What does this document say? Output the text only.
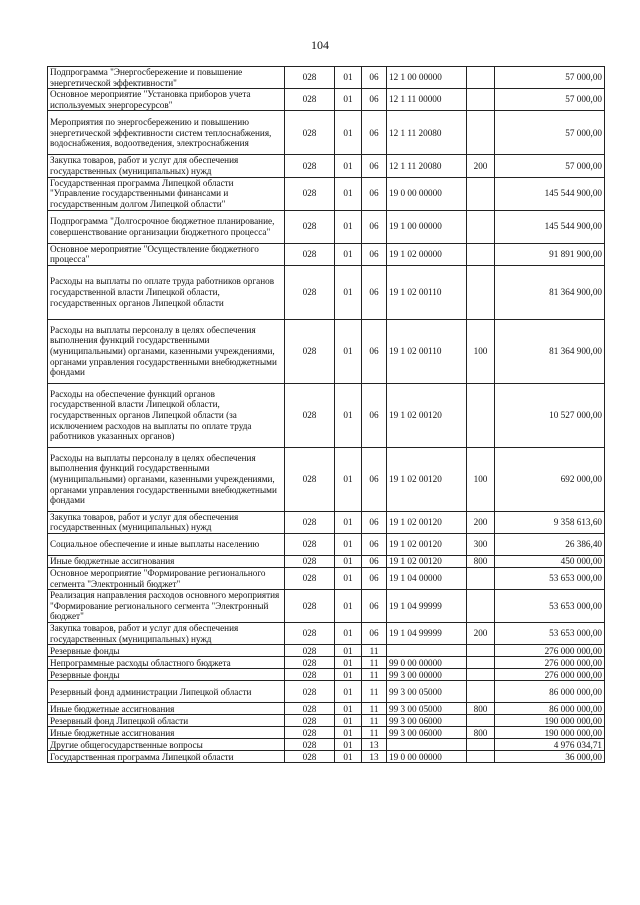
104
Подпрограмма "Энергосбережение и повышение энергетической эффективности"	028	01	06	12 1 00 00000		57 000,00
Основное мероприятие "Установка приборов учета используемых энергоресурсов"	028	01	06	12 1 11 00000		57 000,00
Мероприятия по энергосбережению и повышению энергетической эффективности систем теплоснабжения, водоснабжения, водоотведения, электроснабжения	028	01	06	12 1 11 20080		57 000,00
Закупка товаров, работ и услуг для обеспечения государственных (муниципальных) нужд	028	01	06	12 1 11 20080	200	57 000,00
Государственная программа Липецкой области "Управление государственными финансами и государственным долгом Липецкой области"	028	01	06	19 0 00 00000		145 544 900,00
Подпрограмма "Долгосрочное бюджетное планирование, совершенствование организации бюджетного процесса"	028	01	06	19 1 00 00000		145 544 900,00
Основное мероприятие "Осуществление бюджетного процесса"	028	01	06	19 1 02 00000		91 891 900,00
Расходы на выплаты по оплате труда работников органов государственной власти Липецкой области, государственных органов Липецкой области	028	01	06	19 1 02 00110		81 364 900,00
Расходы на выплаты персоналу в целях обеспечения выполнения функций государственными (муниципальными) органами, казенными учреждениями, органами управления государственными внебюджетными фондами	028	01	06	19 1 02 00110	100	81 364 900,00
Расходы на обеспечение функций органов государственной власти Липецкой области, государственных органов Липецкой области (за исключением расходов на выплаты по оплате труда работников указанных органов)	028	01	06	19 1 02 00120		10 527 000,00
Расходы на выплаты персоналу в целях обеспечения выполнения функций государственными (муниципальными) органами, казенными учреждениями, органами управления государственными внебюджетными фондами	028	01	06	19 1 02 00120	100	692 000,00
Закупка товаров, работ и услуг для обеспечения государственных (муниципальных) нужд	028	01	06	19 1 02 00120	200	9 358 613,60
Социальное обеспечение и иные выплаты населению	028	01	06	19 1 02 00120	300	26 386,40
Иные бюджетные ассигнования	028	01	06	19 1 02 00120	800	450 000,00
Основное мероприятие "Формирование регионального сегмента "Электронный бюджет"	028	01	06	19 1 04 00000		53 653 000,00
Реализация направления расходов основного мероприятия "Формирование регионального сегмента "Электронный бюджет"	028	01	06	19 1 04 99999		53 653 000,00
Закупка товаров, работ и услуг для обеспечения государственных (муниципальных) нужд	028	01	06	19 1 04 99999	200	53 653 000,00
Резервные фонды	028	01	11			276 000 000,00
Непрограммные расходы областного бюджета	028	01	11	99 0 00 00000		276 000 000,00
Резервные фонды	028	01	11	99 3 00 00000		276 000 000,00
Резервный фонд администрации Липецкой области	028	01	11	99 3 00 05000		86 000 000,00
Иные бюджетные ассигнования	028	01	11	99 3 00 05000	800	86 000 000,00
Резервный фонд Липецкой области	028	01	11	99 3 00 06000		190 000 000,00
Иные бюджетные ассигнования	028	01	11	99 3 00 06000	800	190 000 000,00
Другие общегосударственные вопросы	028	01	13			4 976 034,71
Государственная программа Липецкой области	028	01	13	19 0 00 00000		36 000,00
